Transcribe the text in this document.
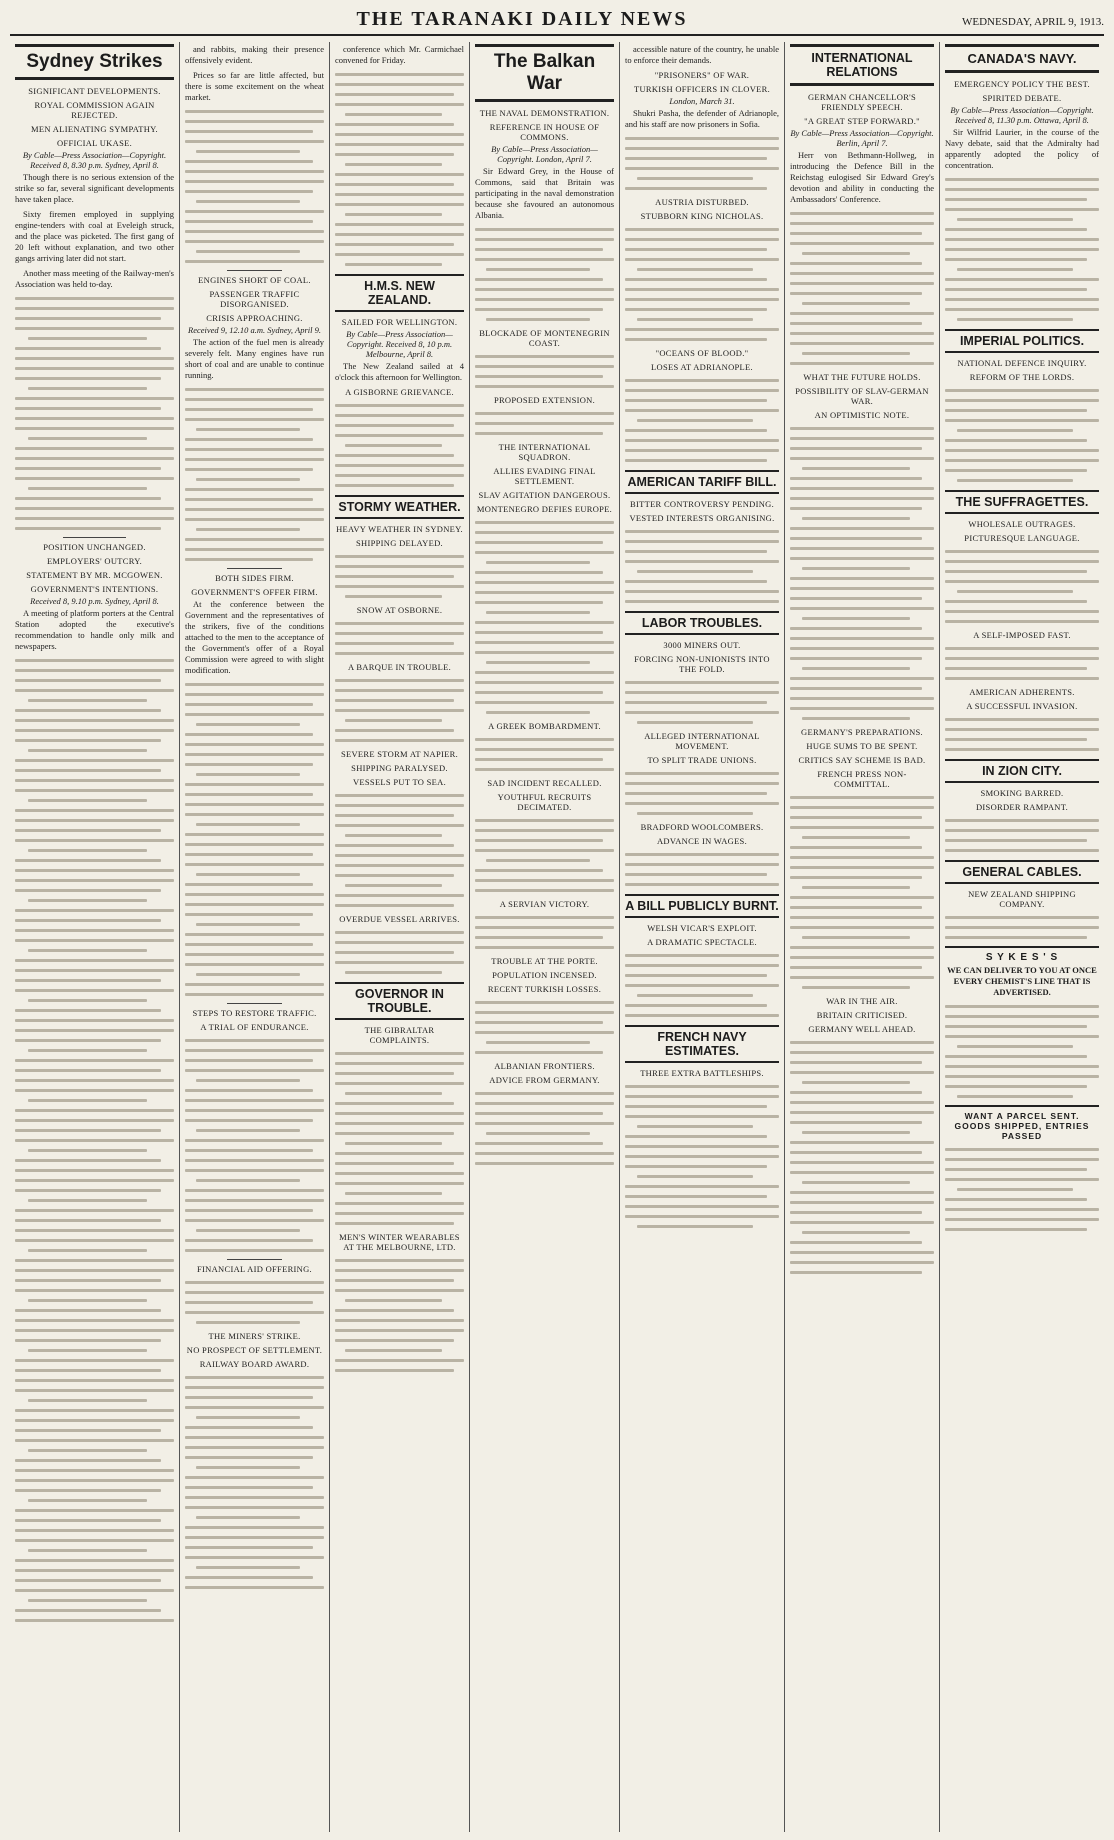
THE TARANAKI DAILY NEWS	WEDNESDAY, APRIL 9, 1913.
Sydney Strikes
SIGNIFICANT DEVELOPMENTS.
ROYAL COMMISSION AGAIN REJECTED.
MEN ALIENATING SYMPATHY.
OFFICIAL UKASE.
By Cable—Press Association—Copyright. Received 8, 8.30 p.m. Sydney, April 8.

Though there is no serious extension of the strike so far, several significant developments have taken place.

Sixty firemen employed in supplying engine-tenders with coal at Eveleigh struck, and the place was picketed. The first gang of 20 left without explanation, and two other gangs arriving later did not start.

Another mass meeting of the Railway-men's Association was held to-day.

POSITION UNCHANGED.
EMPLOYERS' OUTCRY.
STATEMENT BY MR. MCGOWEN.
GOVERNMENT'S INTENTIONS.
Received 8, 9.10 p.m. Sydney, April 8.

A meeting of platform porters at the Central Station adopted the executive's recommendation to handle only milk and newspapers.

and rabbits, making their presence offensively evident.

Prices so far are little affected, but there is some excitement on the wheat market.

ENGINES SHORT OF COAL.
PASSENGER TRAFFIC DISORGANISED.
CRISIS APPROACHING.
Received 9, 12.10 a.m. Sydney, April 9.

The action of the fuel men is already severely felt. Many engines have run short of coal and are unable to continue running.

BOTH SIDES FIRM.
GOVERNMENT'S OFFER FIRM.

At the conference between the Government and the representatives of the strikers, five of the conditions attached to the men to the acceptance of the Government's offer of a Royal Commission were agreed to with slight modification.

STEPS TO RESTORE TRAFFIC.
A TRIAL OF ENDURANCE.
FINANCIAL AID OFFERING.
THE MINERS' STRIKE.
NO PROSPECT OF SETTLEMENT.
RAILWAY BOARD AWARD.

conference which Mr. Carmichael convened for Friday.

H.M.S. NEW ZEALAND.
SAILED FOR WELLINGTON.
By Cable—Press Association—Copyright. Received 8, 10 p.m. Melbourne, April 8.

The New Zealand sailed at 4 o'clock this afternoon for Wellington.

A GISBORNE GRIEVANCE.
STORMY WEATHER.
HEAVY WEATHER IN SYDNEY.
SHIPPING DELAYED.
SNOW AT OSBORNE.
A BARQUE IN TROUBLE.
SEVERE STORM AT NAPIER.
SHIPPING PARALYSED.
VESSELS PUT TO SEA.
OVERDUE VESSEL ARRIVES.
GOVERNOR IN TROUBLE.
THE GIBRALTAR COMPLAINTS.
MEN'S WINTER WEARABLES AT THE MELBOURNE, LTD.
The Balkan War
THE NAVAL DEMONSTRATION.
REFERENCE IN HOUSE OF COMMONS.
By Cable—Press Association—Copyright. London, April 7.

Sir Edward Grey, in the House of Commons, said that Britain was participating in the naval demonstration because she favoured an autonomous Albania.

BLOCKADE OF MONTENEGRIN COAST.
PROPOSED EXTENSION.
THE INTERNATIONAL SQUADRON.
ALLIES EVADING FINAL SETTLEMENT.
SLAV AGITATION DANGEROUS.
MONTENEGRO DEFIES EUROPE.
A GREEK BOMBARDMENT.
SAD INCIDENT RECALLED.
YOUTHFUL RECRUITS DECIMATED.
A SERVIAN VICTORY.
TROUBLE AT THE PORTE.
POPULATION INCENSED.
RECENT TURKISH LOSSES.
ALBANIAN FRONTIERS.
ADVICE FROM GERMANY.

accessible nature of the country, he unable to enforce their demands.

"PRISONERS" OF WAR.
TURKISH OFFICERS IN CLOVER.
London, March 31.

Shukri Pasha, the defender of Adrianople, and his staff are now prisoners in Sofia.

AUSTRIA DISTURBED.
STUBBORN KING NICHOLAS.
"OCEANS OF BLOOD."
LOSES AT ADRIANOPLE.
AMERICAN TARIFF BILL.
BITTER CONTROVERSY PENDING.
VESTED INTERESTS ORGANISING.
LABOR TROUBLES.
3000 MINERS OUT.
FORCING NON-UNIONISTS INTO THE FOLD.
ALLEGED INTERNATIONAL MOVEMENT.
TO SPLIT TRADE UNIONS.
BRADFORD WOOLCOMBERS.
ADVANCE IN WAGES.
A BILL PUBLICLY BURNT.
WELSH VICAR'S EXPLOIT.
A DRAMATIC SPECTACLE.
FRENCH NAVY ESTIMATES.
THREE EXTRA BATTLESHIPS.
INTERNATIONAL RELATIONS
GERMAN CHANCELLOR'S FRIENDLY SPEECH.
"A GREAT STEP FORWARD."
By Cable—Press Association—Copyright. Berlin, April 7.

Herr von Bethmann-Hollweg, in introducing the Defence Bill in the Reichstag eulogised Sir Edward Grey's devotion and ability in conducting the Ambassadors' Conference.

WHAT THE FUTURE HOLDS.
POSSIBILITY OF SLAV-GERMAN WAR.
AN OPTIMISTIC NOTE.
GERMANY'S PREPARATIONS.
HUGE SUMS TO BE SPENT.
CRITICS SAY SCHEME IS BAD.
FRENCH PRESS NON-COMMITTAL.
WAR IN THE AIR.
BRITAIN CRITICISED.
GERMANY WELL AHEAD.
CANADA'S NAVY.
EMERGENCY POLICY THE BEST.
SPIRITED DEBATE.
By Cable—Press Association—Copyright. Received 8, 11.30 p.m. Ottawa, April 8.

Sir Wilfrid Laurier, in the course of the Navy debate, said that the Admiralty had apparently adopted the policy of concentration.

IMPERIAL POLITICS.
NATIONAL DEFENCE INQUIRY.
REFORM OF THE LORDS.
THE SUFFRAGETTES.
WHOLESALE OUTRAGES.
PICTURESQUE LANGUAGE.
A SELF-IMPOSED FAST.
AMERICAN ADHERENTS.
A SUCCESSFUL INVASION.
IN ZION CITY.
SMOKING BARRED.
DISORDER RAMPANT.
GENERAL CABLES.
NEW ZEALAND SHIPPING COMPANY.
S Y K E S ' S

WE CAN DELIVER TO YOU AT ONCE EVERY CHEMIST'S LINE THAT IS ADVERTISED.

WANT A PARCEL SENT. GOODS SHIPPED, ENTRIES PASSED
